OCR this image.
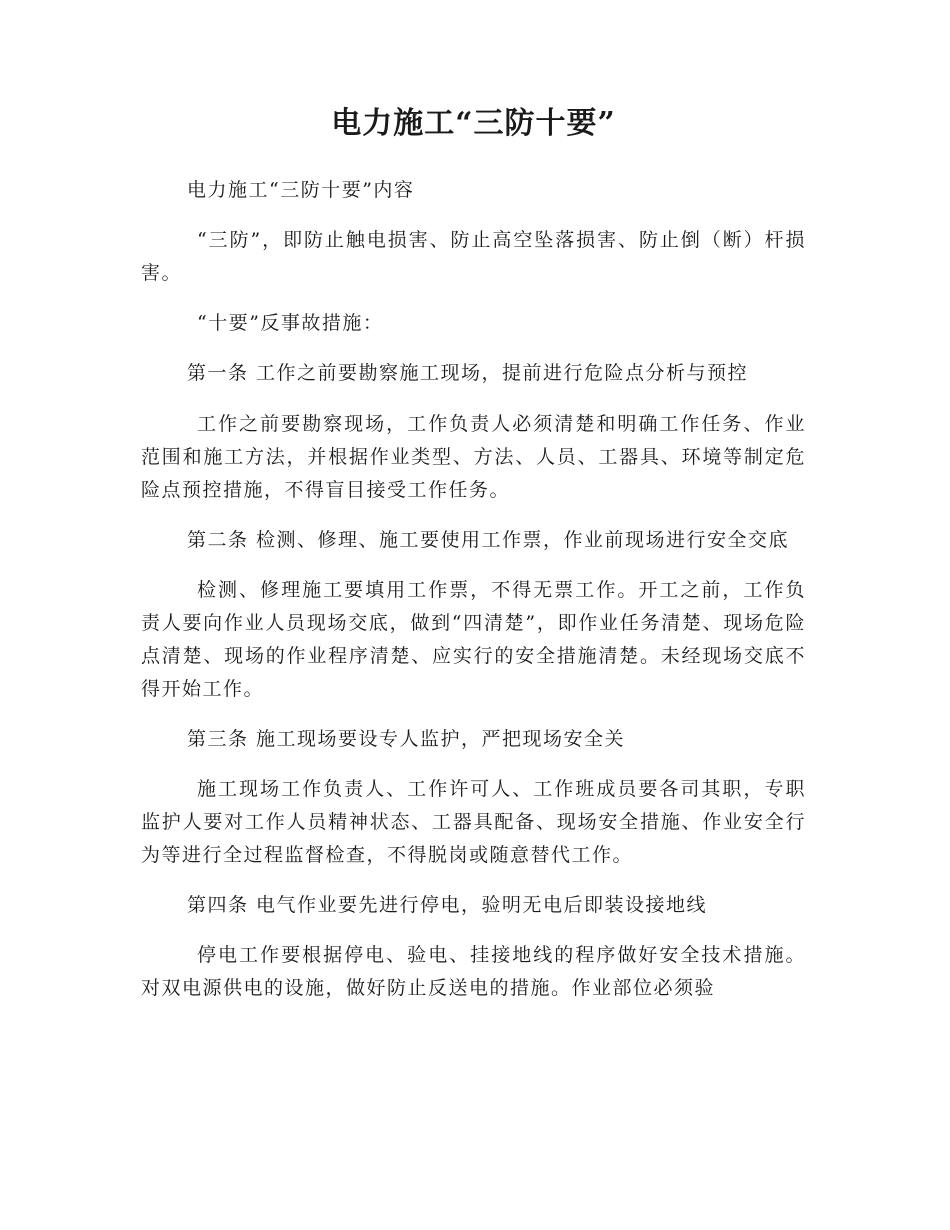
电力施工“三防十要”

电力施工“三防十要”内容

“三防”，即防止触电损害、防止高空坠落损害、防止倒（断）杆损害。

“十要”反事故措施：

第一条 工作之前要勘察施工现场，提前进行危险点分析与预控

工作之前要勘察现场，工作负责人必须清楚和明确工作任务、作业范围和施工方法，并根据作业类型、方法、人员、工器具、环境等制定危险点预控措施，不得盲目接受工作任务。

第二条 检测、修理、施工要使用工作票，作业前现场进行安全交底

检测、修理施工要填用工作票，不得无票工作。开工之前，工作负责人要向作业人员现场交底，做到“四清楚”，即作业任务清楚、现场危险点清楚、现场的作业程序清楚、应实行的安全措施清楚。未经现场交底不得开始工作。

第三条 施工现场要设专人监护，严把现场安全关

施工现场工作负责人、工作许可人、工作班成员要各司其职，专职监护人要对工作人员精神状态、工器具配备、现场安全措施、作业安全行为等进行全过程监督检查，不得脱岗或随意替代工作。

第四条 电气作业要先进行停电，验明无电后即装设接地线

停电工作要根据停电、验电、挂接地线的程序做好安全技术措施。对双电源供电的设施，做好防止反送电的措施。作业部位必须验
